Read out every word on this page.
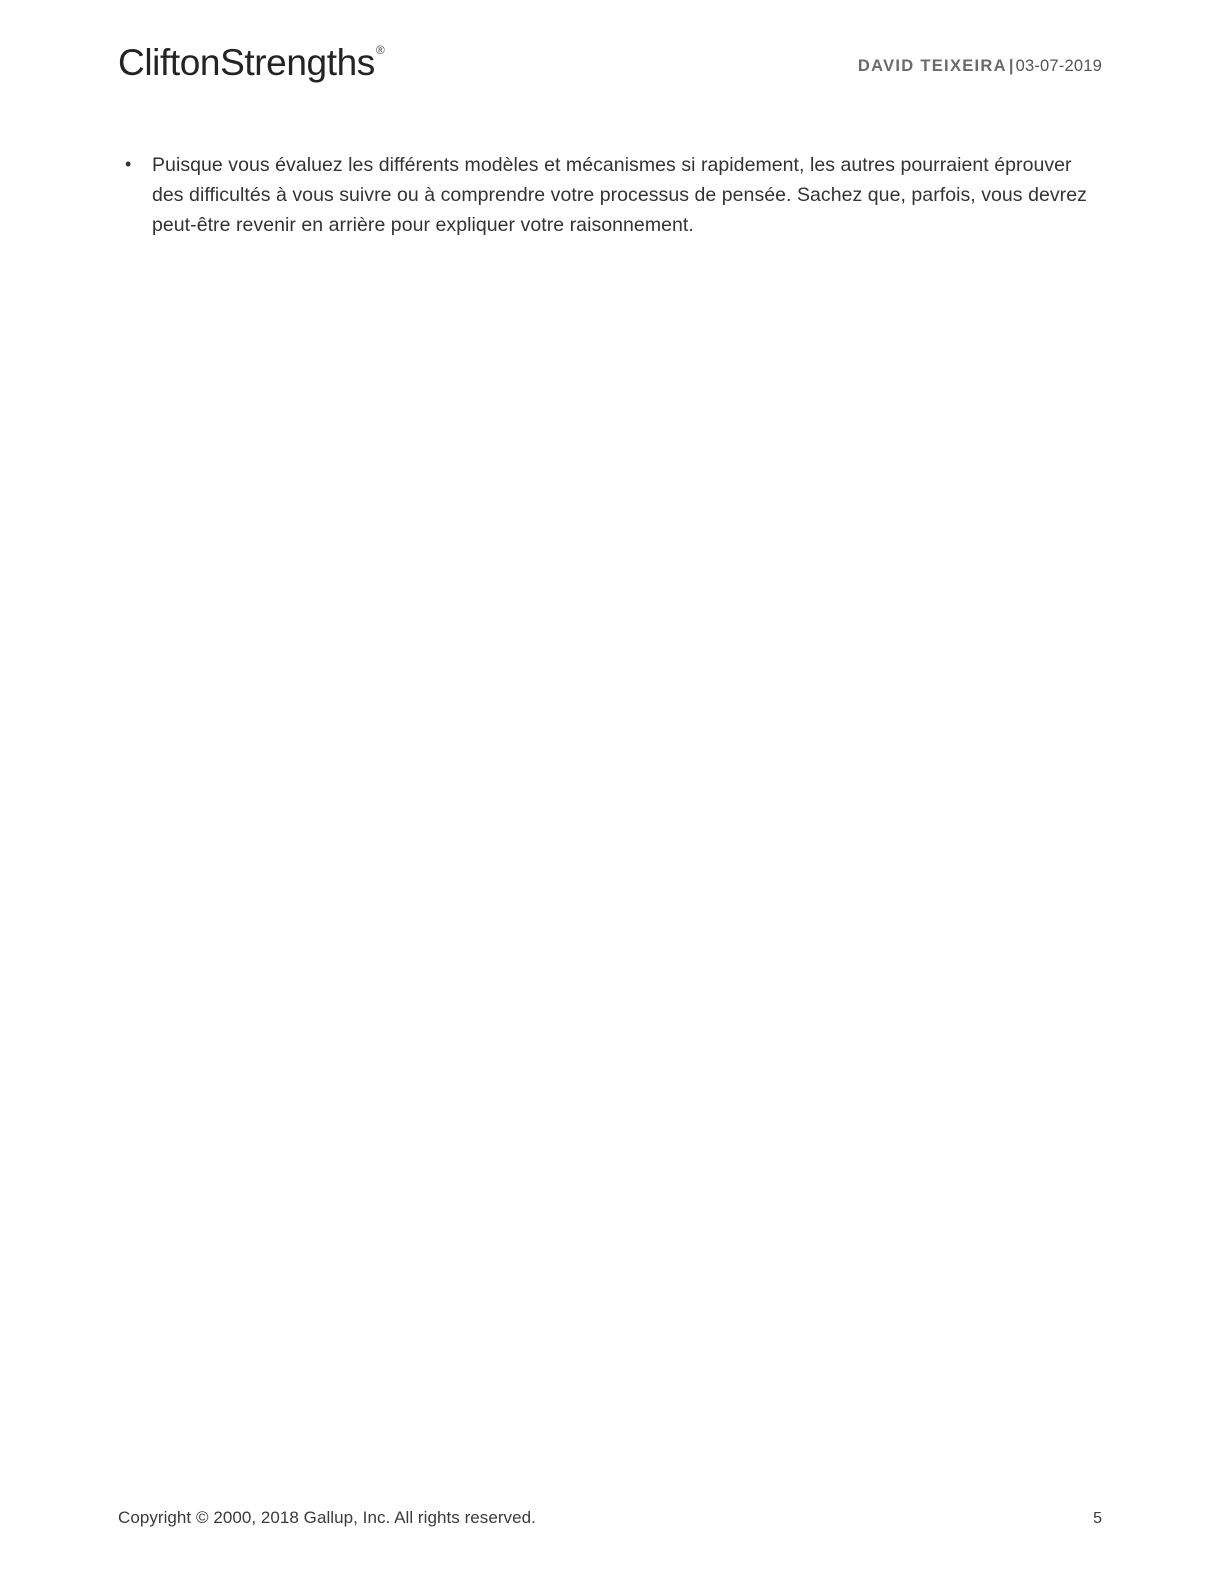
CliftonStrengths®
DAVID TEIXEIRA | 03-07-2019
• Puisque vous évaluez les différents modèles et mécanismes si rapidement, les autres pourraient éprouver des difficultés à vous suivre ou à comprendre votre processus de pensée. Sachez que, parfois, vous devrez peut-être revenir en arrière pour expliquer votre raisonnement.
Copyright © 2000, 2018 Gallup, Inc. All rights reserved.	5
